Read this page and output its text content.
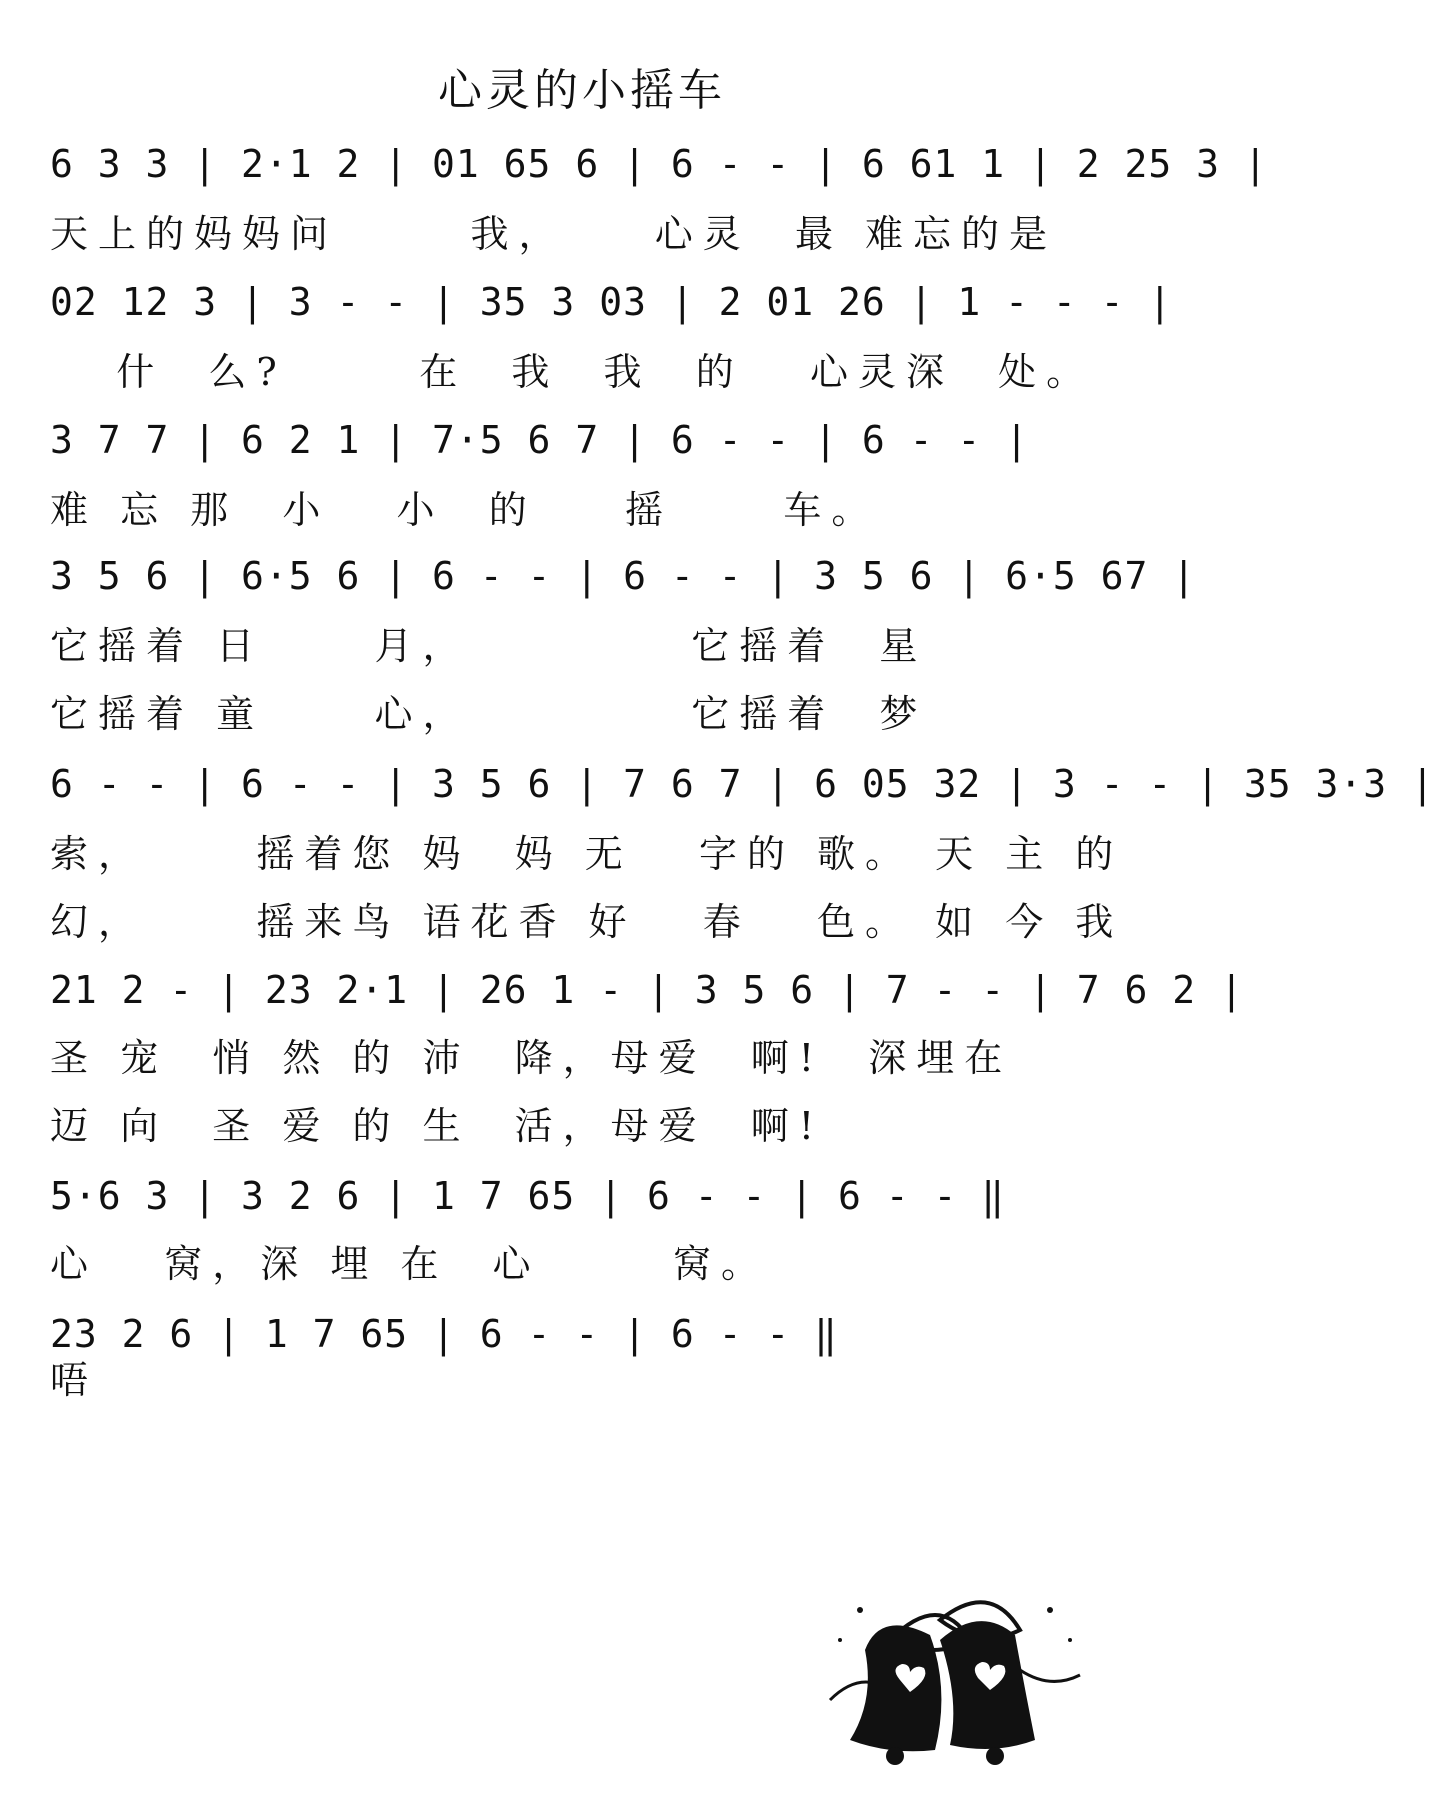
心灵的小摇车
6 3 3 | 2·1 2 | 01 65 6 | 6 - - | 6 61 1 | 2 25 3 |
天上的妈妈问      我，    心灵  最 难忘的是
02 12 3 | 3 - - | 35 3 03 | 2 01 26 | 1 - - - |
什  么?      在  我  我  的   心灵深  处。
3 7 7 | 6 2 1 | 7·5 6 7 | 6 - - | 6 - - |
难 忘 那  小   小  的    摇     车。
3 5 6 | 6·5 6 | 6 - - | 6 - - | 3 5 6 | 6·5 67 |
它摇着 日     月，          它摇着  星
它摇着 童     心，          它摇着  梦
6 - - | 6 - - | 3 5 6 | 7 6 7 | 6 05 32 | 3 - - | 35 3·3 |
索，     摇着您 妈  妈 无   字的 歌。 天 主 的
幻，     摇来鸟 语花香 好   春   色。 如 今 我
21 2 - | 23 2·1 | 26 1 - | 3 5 6 | 7 - - | 7 6 2 |
圣 宠  悄 然 的 沛  降，母爱  啊!  深埋在
迈 向  圣 爱 的 生  活，母爱  啊!
5·6 3 | 3 2 6 | 1 7 65 | 6 - - | 6 - - ‖
心   窝，深 埋 在  心      窝。
23 2 6 | 1 7 65 | 6 - - | 6 - - ‖
唔
